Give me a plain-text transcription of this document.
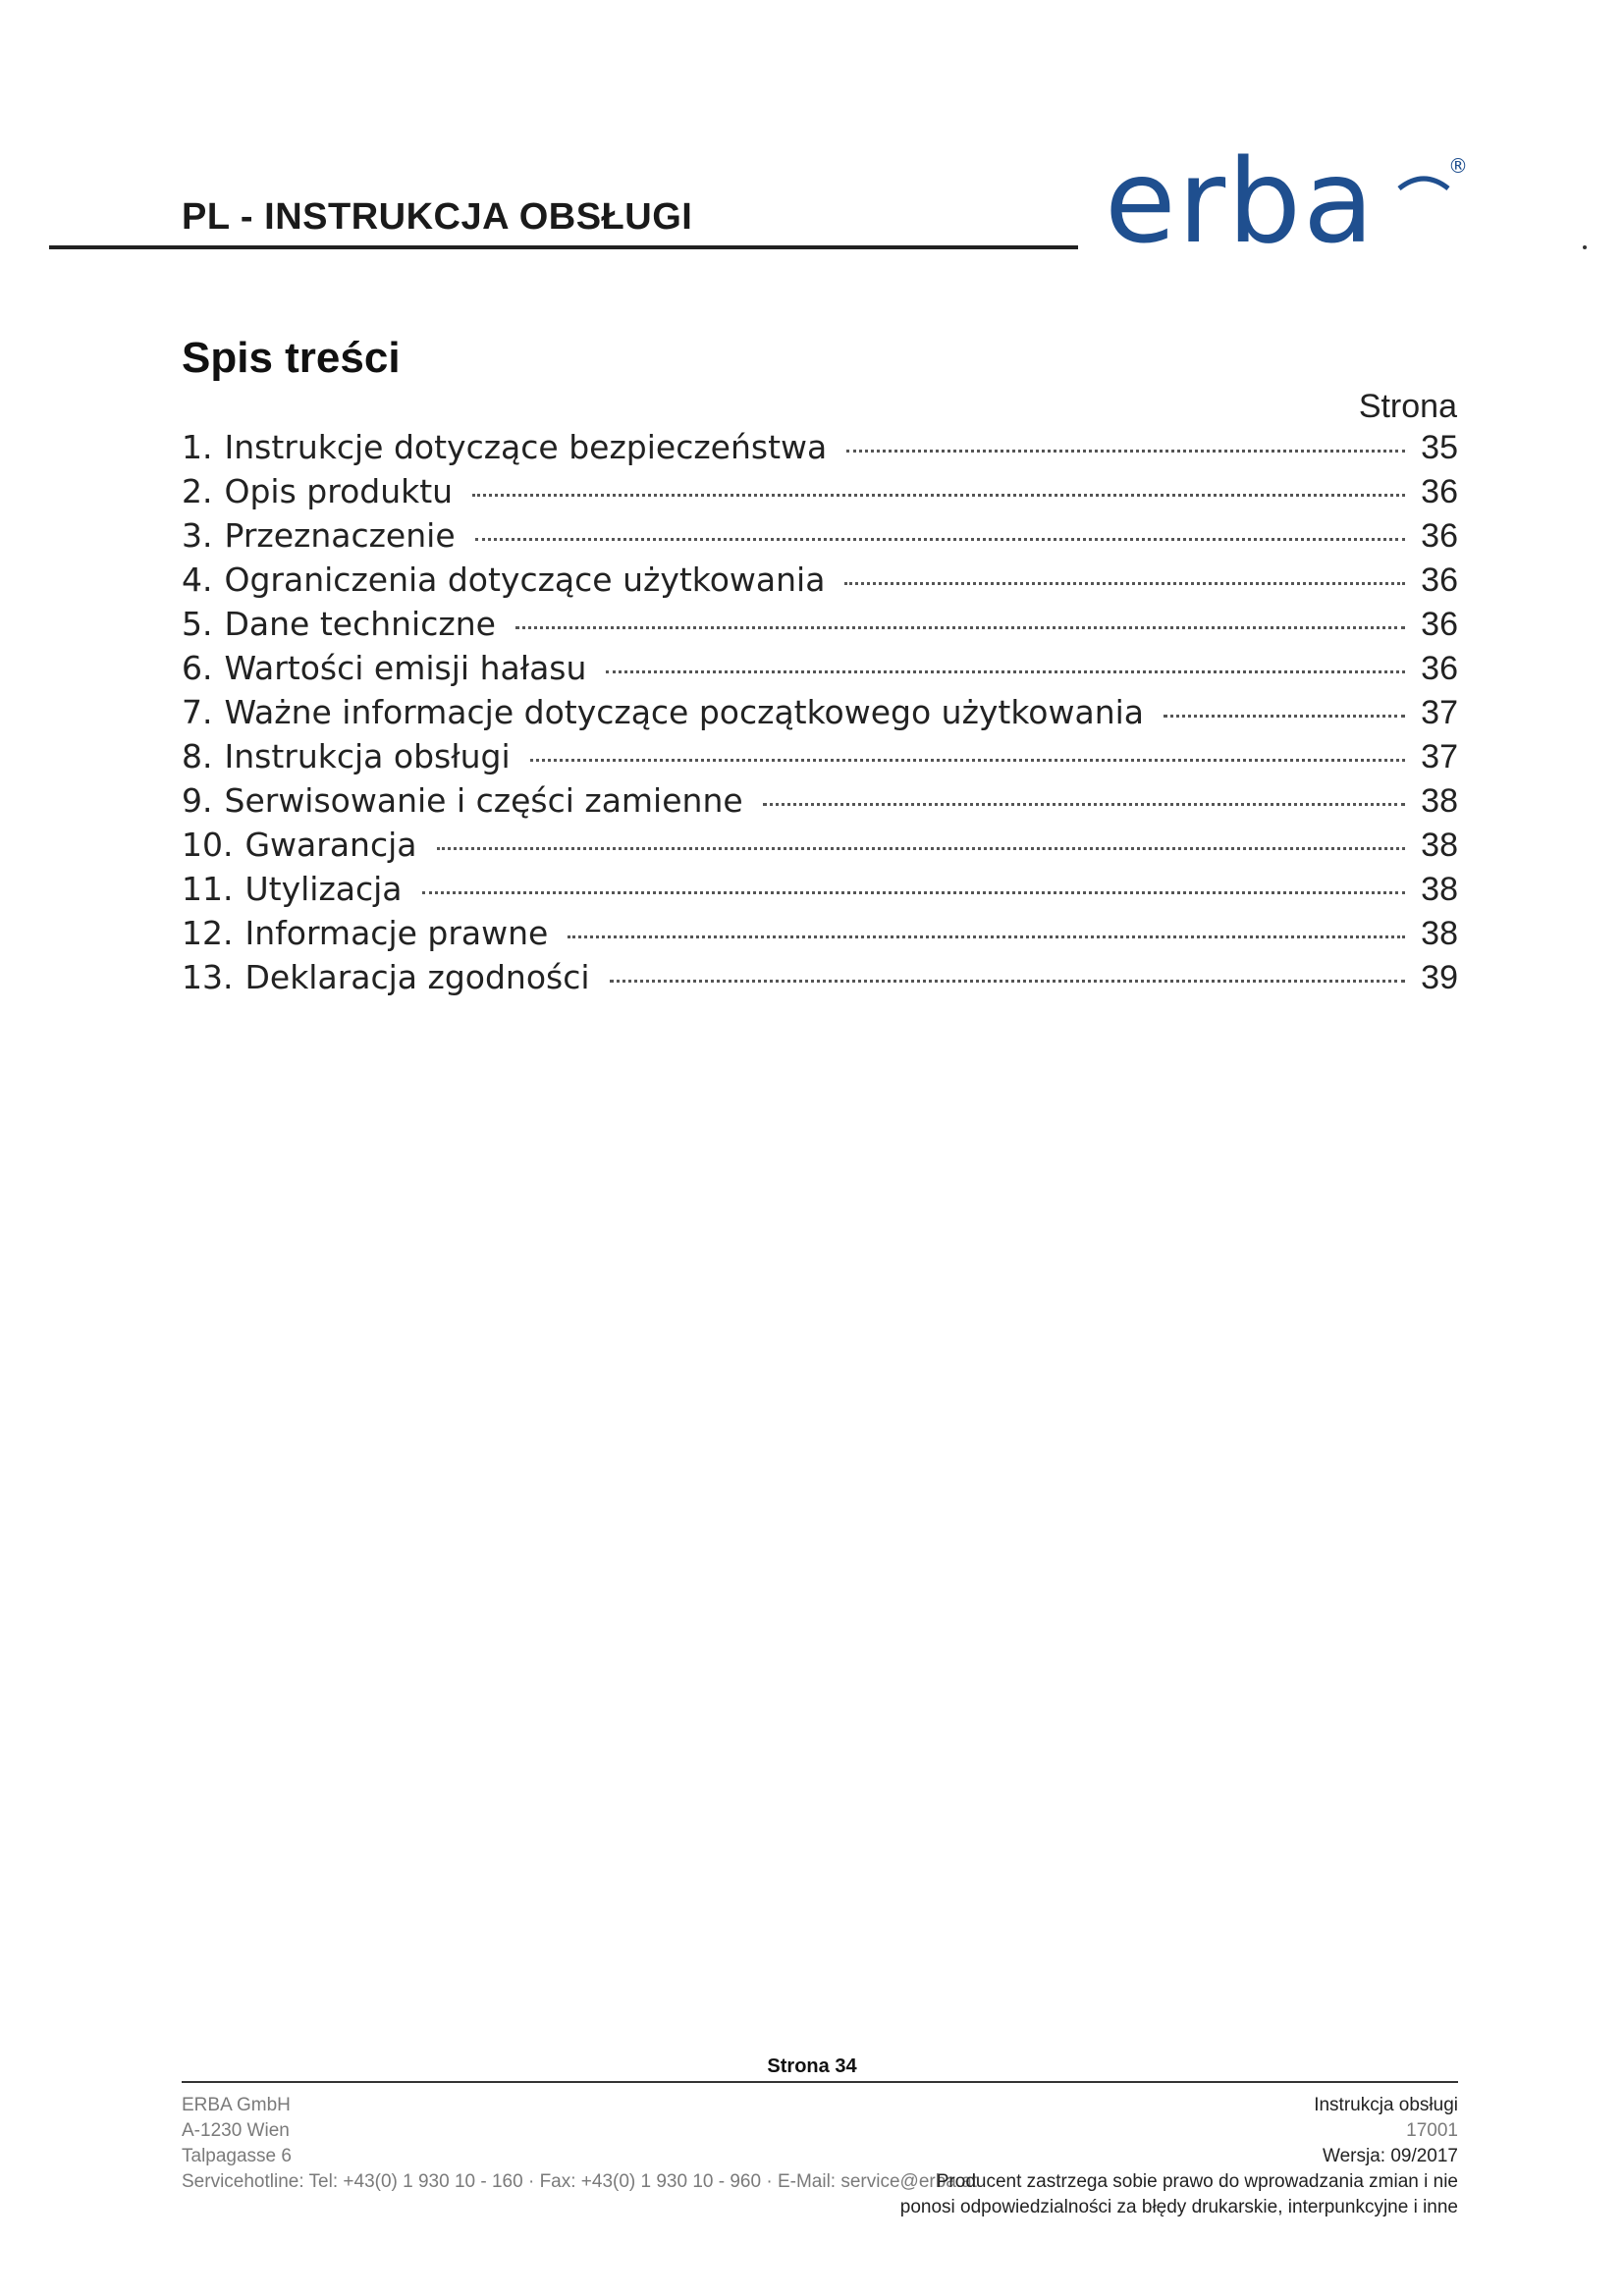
PL - INSTRUKCJA OBSŁUGI	erba	®
Spis treści
Strona
1. Instrukcje dotyczące bezpieczeństwa	35
2. Opis produktu	36
3. Przeznaczenie	36
4. Ograniczenia dotyczące użytkowania	36
5. Dane techniczne	36
6. Wartości emisji hałasu	36
7. Ważne informacje dotyczące początkowego użytkowania	37
8. Instrukcja obsługi	37
9. Serwisowanie i części zamienne	38
10. Gwarancja	38
11. Utylizacja	38
12. Informacje prawne	38
13. Deklaracja zgodności	39
Strona 34
ERBA GmbH
A-1230 Wien
Talpagasse 6
Servicehotline: Tel: +43(0) 1 930 10 - 160 · Fax: +43(0) 1 930 10 - 960 · E-Mail: service@erba.at
Instrukcja obsługi
17001
Wersja: 09/2017
Producent zastrzega sobie prawo do wprowadzania zmian i nie
ponosi odpowiedzialności za błędy drukarskie, interpunkcyjne i inne
